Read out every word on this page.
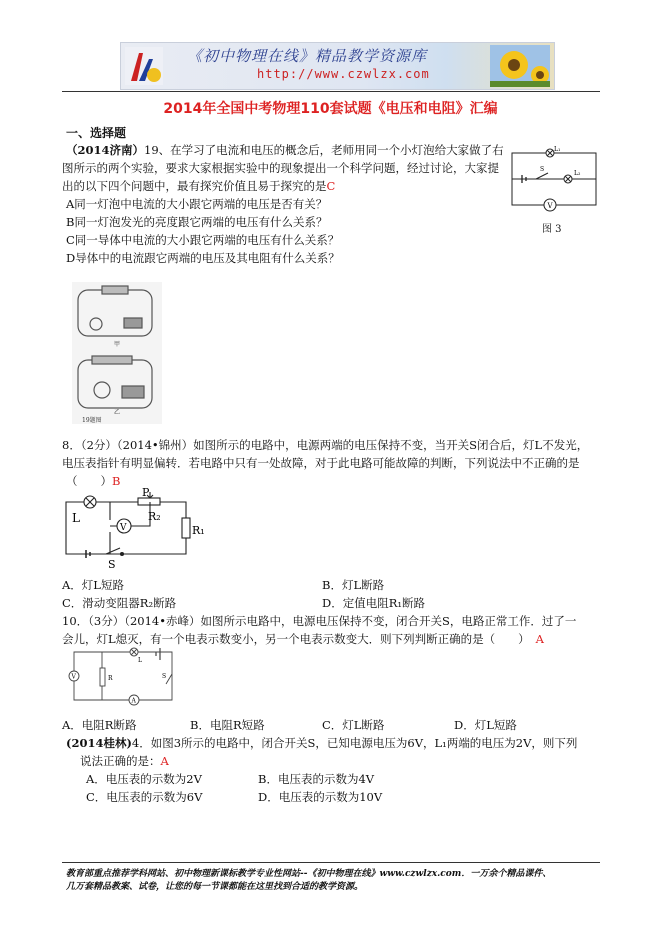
《初中物理在线》精品教学资源库
http://www.czwlzx.com
2014年全国中考物理110套试题《电压和电阻》汇编
一、选择题
（2014济南）19、在学习了电流和电压的概念后，老师用同一个小灯泡给大家做了右
图所示的两个实验，要求大家根据实验中的现象提出一个科学问题，经过讨论，大家提
出的以下四个问题中，最有探究价值且易于探究的是C
A同一灯泡中电流的大小跟它两端的电压是否有关？
B同一灯泡发光的亮度跟它两端的电压有什么关系？
C同一导体中电流的大小跟它两端的电压有什么关系？
D导体中的电流跟它两端的电压及其电阻有什么关系？
L₁
L₂
S
V
图 3
甲
乙
19题图
8．（2分）（2014•锦州）如图所示的电路中，电源两端的电压保持不变，当开关S闭合后，灯L不发光，
电压表指针有明显偏转．若电路中只有一处故障，对于此电路可能故障的判断，下列说法中不正确的是
（　　）B
L
P
R₂
R₁
V
S
A．灯L短路	B．灯L断路
C．滑动变阻器R₂断路	D．定值电阻R₁断路
10．（3分）（2014•赤峰）如图所示电路中，电源电压保持不变，闭合开关S，电路正常工作．过了一
会儿，灯L熄灭，有一个电表示数变小，另一个电表示数变大．则下列判断正确的是（　　） A
L
R	S
V
A
A．电阻R断路	B．电阻R短路	C．灯L断路	D．灯L短路
(2014桂林)4．如图3所示的电路中，闭合开关S，已知电源电压为6V，L₁两端的电压为2V，则下列
说法正确的是：A
A．电压表的示数为2V	B．电压表的示数为4V
C．电压表的示数为6V	D．电压表的示数为10V
教育部重点推荐学科网站、初中物理新课标教学专业性网站--《初中物理在线》www.czwlzx.com．一万余个精品课件、
几万套精品教案、试卷，让您的每一节课都能在这里找到合适的教学资源。
